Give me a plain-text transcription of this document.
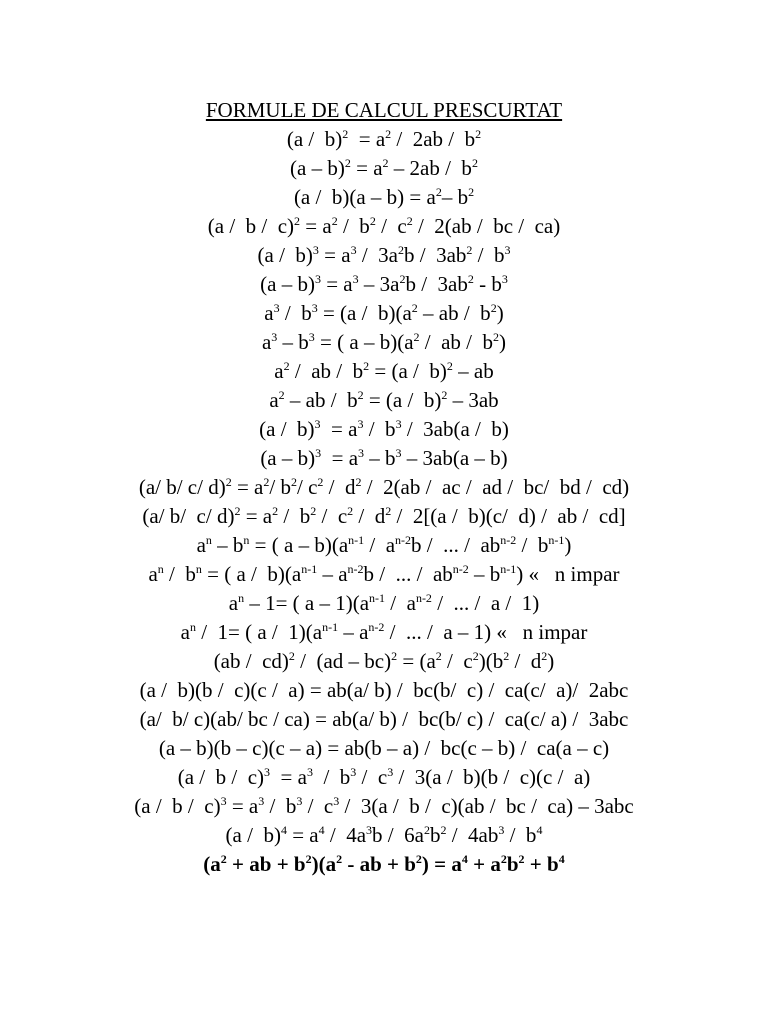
FORMULE DE CALCUL PRESCURTAT
$(a / b)^2 = a^2 / 2ab / b^2$
$(a - b)^2 = a^2 - 2ab / b^2$
$(a / b)(a - b) = a^2-$ $b^2$
$(a / b / c)^2 = a^2 / b^2 / c^2 / 2(ab$ /  bc /  ca)
$(a / b)^3 = a^3 / 3a^2b / 3ab^2 / b^3$
$(a - b)^3 = a^3 - 3a^2b / 3ab^2 - b^3$
$a^3 / b^3 = (a / b)(a^2$ – ab /  $b^2$)
$a^3 - b^3$ = ( a – $b)(a^2$ /  ab /  $b^2$)
$a^2$ /  ab /  $b^2 = (a / b)^2$ – ab
$a^2$ – ab /  $b^2 = (a / b)^2 - 3ab$
$(a / b)^3 = a^3 / b^3 / 3ab(a / b)$
$(a - b)^3 = a^3 - b^3 - 3ab(a - b)$
(a/ b/ c/ $d)^2 = a^2/$ $b^2/$ $c^2 / d^2 / 2(ab$ /  ac /  ad /  bc/  bd /  cd)
(a/ b/  c/ $d)^2 = a^2 / b^2 / c^2 / d^2 / 2[(a / b)(c/$  d) /  ab /  cd]
$a^n - b^n$ = ( a – $b)(a^{n-1} / a^{n-2}b$ /  ... /  $ab^{n-2} / b^{n-1}$)
$a^n / b^n$ = ( a /  $b)(a^{n-1} - a^{n-2}b$ /  ... /  $ab^{n-2} - b^{n-1}$) «   n impar
$a^n - 1=$ ( a – $1)(a^{n-1} / a^{n-2}$ /  ... /  a /  1)
$a^n / 1=$ ( a /  $1)(a^{n-1} - a^{n-2}$ /  ... /  a – 1) «   n impar
$(ab / cd)^2 / (ad - bc)^2 = (a^2 / c^2)(b^2 / d^2)$
(a /  b)(b /  c)(c /  a) = ab(a/ b) /  bc(b/  c) /  ca(c/  a)/  2abc
(a/  b/ c)(ab/ bc / ca) = ab(a/ b) /  bc(b/ c) /  ca(c/ a) /  3abc
(a – b)(b – c)(c – a) = ab(b – a) /  bc(c – b) /  ca(a – c)
$(a / b / c)^3 = a^3 / b^3 / c^3 / 3(a / b)(b / c)(c / a)$
$(a / b / c)^3 = a^3 / b^3 / c^3 / 3(a / b / c)(ab$ /  bc /  ca) – 3abc
$(a / b)^4 = a^4 / 4a^3b / 6a^2b^2 / 4ab^3 / b^4$
($a^2$ + ab + $b^2)(a^2$ - ab + $b^2) = a^4 + a^2b^2 + b^4$
